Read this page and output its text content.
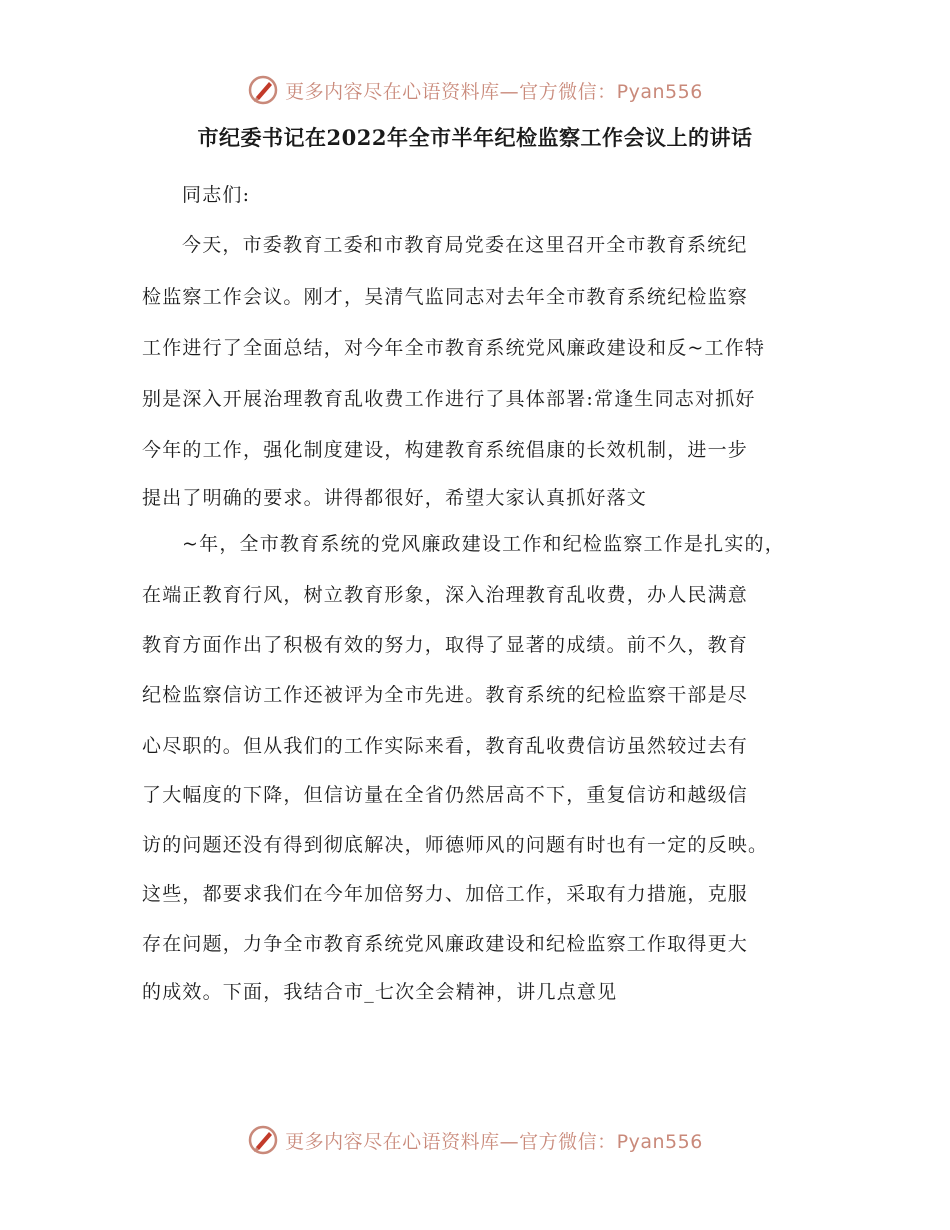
更多内容尽在心语资料库—官方微信：Pyan556
市纪委书记在2022年全市半年纪检监察工作会议上的讲话
同志们:
今天，市委教育工委和市教育局党委在这里召开全市教育系统纪
检监察工作会议。刚才，吴清气监同志对去年全市教育系统纪检监察
工作进行了全面总结，对今年全市教育系统党风廉政建设和反~工作特
别是深入开展治理教育乱收费工作进行了具体部署:常逢生同志对抓好
今年的工作，强化制度建设，构建教育系统倡康的长效机制，进一步
提出了明确的要求。讲得都很好，希望大家认真抓好落文
~年，全市教育系统的党风廉政建设工作和纪检监察工作是扎实的，
在端正教育行风，树立教育形象，深入治理教育乱收费，办人民满意
教育方面作出了积极有效的努力，取得了显著的成绩。前不久，教育
纪检监察信访工作还被评为全市先进。教育系统的纪检监察干部是尽
心尽职的。但从我们的工作实际来看，教育乱收费信访虽然较过去有
了大幅度的下降，但信访量在全省仍然居高不下，重复信访和越级信
访的问题还没有得到彻底解决，师德师风的问题有时也有一定的反映。
这些，都要求我们在今年加倍努力、加倍工作，采取有力措施，克服
存在问题，力争全市教育系统党风廉政建设和纪检监察工作取得更大
的成效。下面，我结合市_七次全会精神，讲几点意见
更多内容尽在心语资料库—官方微信：Pyan556
